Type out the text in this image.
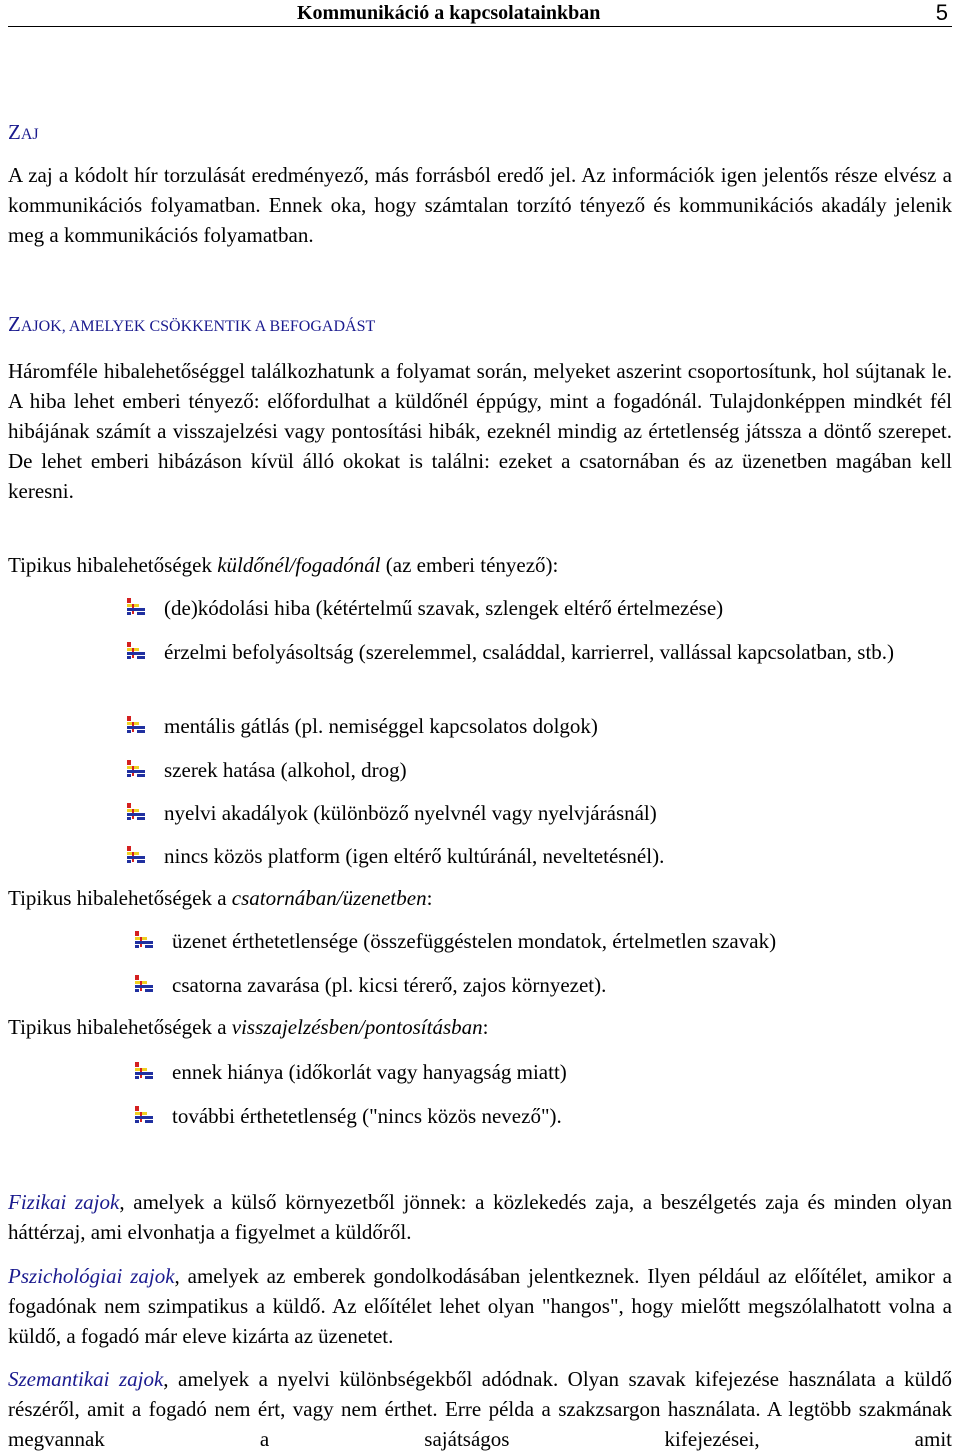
Kommunikáció a kapcsolatainkban	5
ZAJ

A zaj a kódolt hír torzulását eredményező, más forrásból eredő jel. Az információk igen jelentős része elvész a kommunikációs folyamatban. Ennek oka, hogy számtalan torzító tényező és kommunikációs akadály jelenik meg a kommunikációs folyamatban.

ZAJOK, AMELYEK CSÖKKENTIK A BEFOGADÁST

Háromféle hibalehetőséggel találkozhatunk a folyamat során, melyeket aszerint csoportosítunk, hol sújtanak le. A hiba lehet emberi tényező: előfordulhat a küldőnél éppúgy, mint a fogadónál. Tulajdonképpen mindkét fél hibájának számít a visszajelzési vagy pontosítási hibák, ezeknél mindig az értetlenség játssza a döntő szerepet. De lehet emberi hibázáson kívül álló okokat is találni: ezeket a csatornában és az üzenetben magában kell keresni.

Tipikus hibalehetőségek küldőnél/fogadónál (az emberi tényező):

(de)kódolási hiba (kétértelmű szavak, szlengek eltérő értelmezése)
érzelmi befolyásoltság (szerelemmel, családdal, karrierrel, vallással kapcsolatban, stb.)
mentális gátlás (pl. nemiséggel kapcsolatos dolgok)
szerek hatása (alkohol, drog)
nyelvi akadályok (különböző nyelvnél vagy nyelvjárásnál)
nincs közös platform (igen eltérő kultúránál, neveltetésnél).

Tipikus hibalehetőségek a csatornában/üzenetben:

üzenet érthetetlensége (összefüggéstelen mondatok, értelmetlen szavak)
csatorna zavarása (pl. kicsi térerő, zajos környezet).

Tipikus hibalehetőségek a visszajelzésben/pontosításban:

ennek hiánya (időkorlát vagy hanyagság miatt)
további érthetetlenség ("nincs közös nevező").

Fizikai zajok, amelyek a külső környezetből jönnek: a közlekedés zaja, a beszélgetés zaja és minden olyan háttérzaj, ami elvonhatja a figyelmet a küldőről.

Pszichológiai zajok, amelyek az emberek gondolkodásában jelentkeznek. Ilyen például az előítélet, amikor a fogadónak nem szimpatikus a küldő. Az előítélet lehet olyan "hangos", hogy mielőtt megszólalhatott volna a küldő, a fogadó már eleve kizárta az üzenetet.

Szemantikai zajok, amelyek a nyelvi különbségekből adódnak. Olyan szavak kifejezése használata a küldő részéről, amit a fogadó nem ért, vagy nem érthet. Erre példa a szakzsargon használata. A legtöbb szakmának megvannak a sajátságos kifejezései, amit
